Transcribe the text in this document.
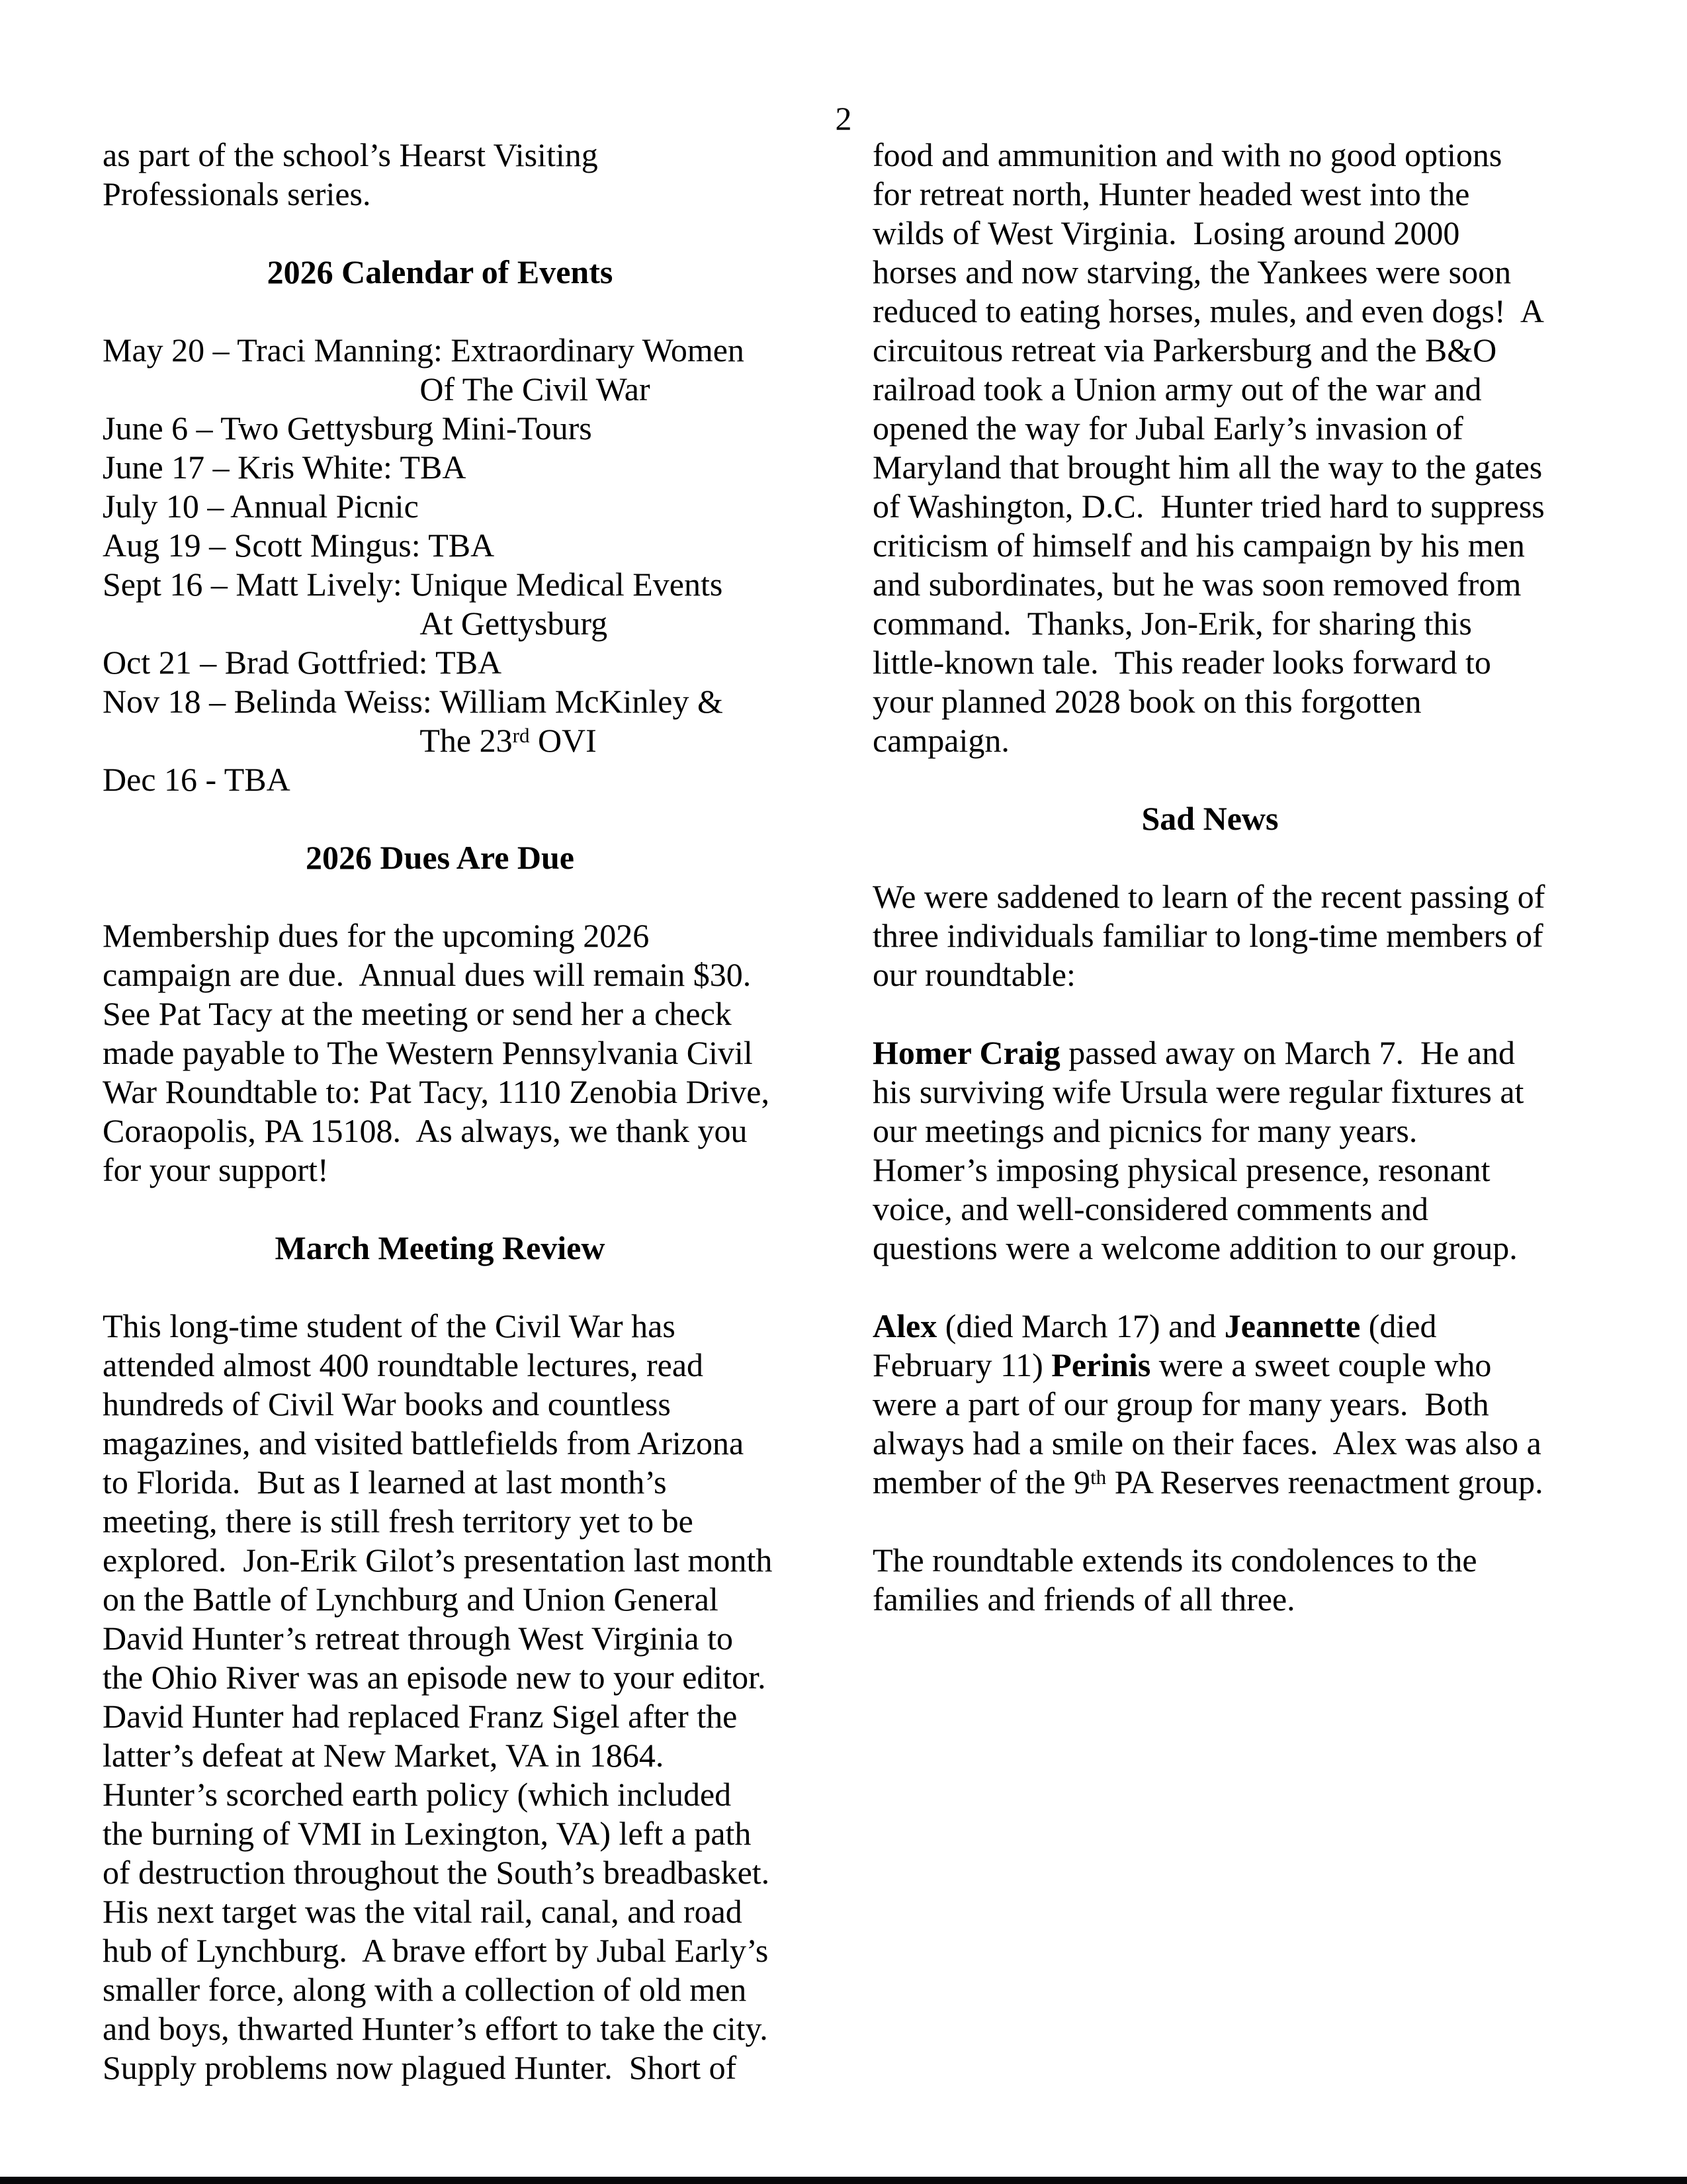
2

as part of the school’s Hearst Visiting Professionals series.

2026 Calendar of Events
May 20 – Traci Manning: Extraordinary Women
Of The Civil War
June 6 – Two Gettysburg Mini-Tours
June 17 – Kris White: TBA
July 10 – Annual Picnic
Aug 19 – Scott Mingus: TBA
Sept 16 – Matt Lively: Unique Medical Events
At Gettysburg
Oct 21 – Brad Gottfried: TBA
Nov 18 – Belinda Weiss: William McKinley &
The 23rd OVI
Dec 16 - TBA
2026 Dues Are Due

Membership dues for the upcoming 2026 campaign are due.  Annual dues will remain $30.  See Pat Tacy at the meeting or send her a check made payable to The Western Pennsylvania Civil War Roundtable to: Pat Tacy, 1110 Zenobia Drive, Coraopolis, PA 15108.  As always, we thank you for your support!

March Meeting Review

This long-time student of the Civil War has attended almost 400 roundtable lectures, read hundreds of Civil War books and countless magazines, and visited battlefields from Arizona to Florida.  But as I learned at last month’s meeting, there is still fresh territory yet to be explored.  Jon-Erik Gilot’s presentation last month on the Battle of Lynchburg and Union General David Hunter’s retreat through West Virginia to the Ohio River was an episode new to your editor.  David Hunter had replaced Franz Sigel after the latter’s defeat at New Market, VA in 1864.  Hunter’s scorched earth policy (which included the burning of VMI in Lexington, VA) left a path of destruction throughout the South’s breadbasket.  His next target was the vital rail, canal, and road hub of Lynchburg.  A brave effort by Jubal Early’s smaller force, along with a collection of old men and boys, thwarted Hunter’s effort to take the city.  Supply problems now plagued Hunter.  Short of

food and ammunition and with no good options for retreat north, Hunter headed west into the wilds of West Virginia.  Losing around 2000 horses and now starving, the Yankees were soon reduced to eating horses, mules, and even dogs!  A circuitous retreat via Parkersburg and the B&O railroad took a Union army out of the war and opened the way for Jubal Early’s invasion of Maryland that brought him all the way to the gates of Washington, D.C.  Hunter tried hard to suppress criticism of himself and his campaign by his men and subordinates, but he was soon removed from command.  Thanks, Jon-Erik, for sharing this little-known tale.  This reader looks forward to your planned 2028 book on this forgotten campaign.

Sad News

We were saddened to learn of the recent passing of three individuals familiar to long-time members of our roundtable:

Homer Craig passed away on March 7.  He and his surviving wife Ursula were regular fixtures at our meetings and picnics for many years.  Homer’s imposing physical presence, resonant voice, and well-considered comments and questions were a welcome addition to our group.

Alex (died March 17) and Jeannette (died February 11) Perinis were a sweet couple who were a part of our group for many years.  Both always had a smile on their faces.  Alex was also a member of the 9th PA Reserves reenactment group.

The roundtable extends its condolences to the families and friends of all three.
